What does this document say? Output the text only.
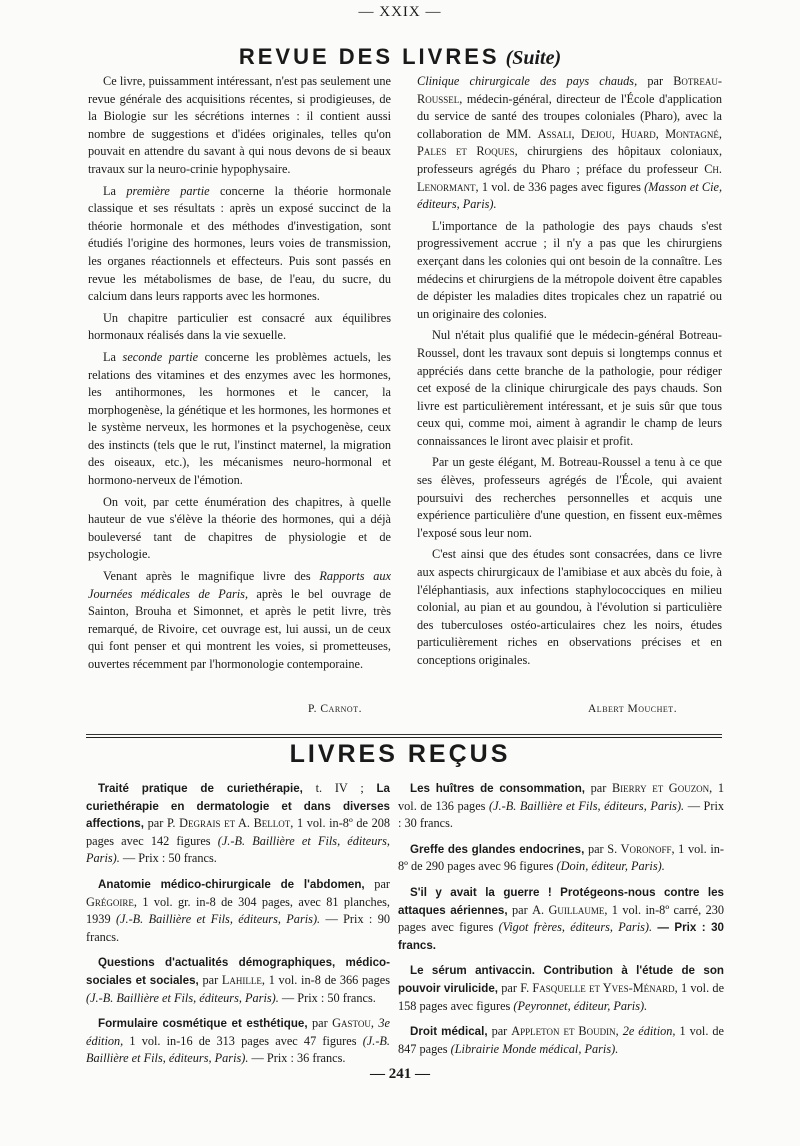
— XXIX —
REVUE DES LIVRES (Suite)

Ce livre, puissamment intéressant, n'est pas seulement une revue générale des acquisitions récentes, si prodigieuses, de la Biologie sur les sécrétions internes : il contient aussi nombre de suggestions et d'idées originales, telles qu'on pouvait en attendre du savant à qui nous devons de si beaux travaux sur la neuro-crinie hypophysaire.

La première partie concerne la théorie hormonale classique et ses résultats : après un exposé succinct de la théorie hormonale et des méthodes d'investigation, sont étudiés l'origine des hormones, leurs voies de transmission, les organes réactionnels et effecteurs. Puis sont passés en revue les métabolismes de base, de l'eau, du sucre, du calcium dans leurs rapports avec les hormones.

Un chapitre particulier est consacré aux équilibres hormonaux réalisés dans la vie sexuelle.

La seconde partie concerne les problèmes actuels, les relations des vitamines et des enzymes avec les hormones, les antihormones, les hormones et le cancer, la morphogenèse, la génétique et les hormones, les hormones et le système nerveux, les hormones et la psychogenèse, ceux des instincts (tels que le rut, l'instinct maternel, la migration des oiseaux, etc.), les mécanismes neuro-hormonal et hormono-nerveux de l'émotion.

On voit, par cette énumération des chapitres, à quelle hauteur de vue s'élève la théorie des hormones, qui a déjà bouleversé tant de chapitres de physiologie et de psychologie.

Venant après le magnifique livre des Rapports aux Journées médicales de Paris, après le bel ouvrage de Sainton, Brouha et Simonnet, et après le petit livre, très remarqué, de Rivoire, cet ouvrage est, lui aussi, un de ceux qui font penser et qui montrent les voies, si prometteuses, ouvertes récemment par l'hormonologie contemporaine.

Clinique chirurgicale des pays chauds, par Botreau-Roussel, médecin-général, directeur de l'École d'application du service de santé des troupes coloniales (Pharo), avec la collaboration de MM. Assali, Dejou, Huard, Montagné, Pales et Roques, chirurgiens des hôpitaux coloniaux, professeurs agrégés du Pharo ; préface du professeur Ch. Lenormant, 1 vol. de 336 pages avec figures (Masson et Cie, éditeurs, Paris).

L'importance de la pathologie des pays chauds s'est progressivement accrue ; il n'y a pas que les chirurgiens exerçant dans les colonies qui ont besoin de la connaître. Les médecins et chirurgiens de la métropole doivent être capables de dépister les maladies dites tropicales chez un rapatrié ou un originaire des colonies.

Nul n'était plus qualifié que le médecin-général Botreau-Roussel, dont les travaux sont depuis si longtemps connus et appréciés dans cette branche de la pathologie, pour rédiger cet exposé de la clinique chirurgicale des pays chauds. Son livre est particulièrement intéressant, et je suis sûr que tous ceux qui, comme moi, aiment à agrandir le champ de leurs connaissances le liront avec plaisir et profit.

Par un geste élégant, M. Botreau-Roussel a tenu à ce que ses élèves, professeurs agrégés de l'École, qui avaient poursuivi des recherches personnelles et acquis une expérience particulière d'une question, en fissent eux-mêmes l'exposé sous leur nom.

C'est ainsi que des études sont consacrées, dans ce livre aux aspects chirurgicaux de l'amibiase et aux abcès du foie, à l'éléphantiasis, aux infections staphylococciques en milieu colonial, au pian et au goundou, à l'évolution si particulière des tuberculoses ostéo-articulaires chez les noirs, études particulièrement riches en observations précises et en conceptions originales.

P. Carnot.	Albert Mouchet.
LIVRES REÇUS

Traité pratique de curiethérapie, t. IV ; La curiethérapie en dermatologie et dans diverses affections, par P. Degrais et A. Bellot, 1 vol. in-8º de 208 pages avec 142 figures (J.-B. Baillière et Fils, éditeurs, Paris). — Prix : 50 francs.

Anatomie médico-chirurgicale de l'abdomen, par Grégoire, 1 vol. gr. in-8 de 304 pages, avec 81 planches, 1939 (J.-B. Baillière et Fils, éditeurs, Paris). — Prix : 90 francs.

Questions d'actualités démographiques, médico-sociales et sociales, par Lahille, 1 vol. in-8 de 366 pages (J.-B. Baillière et Fils, éditeurs, Paris). — Prix : 50 francs.

Formulaire cosmétique et esthétique, par Gastou, 3e édition, 1 vol. in-16 de 313 pages avec 47 figures (J.-B. Baillière et Fils, éditeurs, Paris). — Prix : 36 francs.

Les huîtres de consommation, par Bierry et Gouzon, 1 vol. de 136 pages (J.-B. Baillière et Fils, éditeurs, Paris). — Prix : 30 francs.

Greffe des glandes endocrines, par S. Voronoff, 1 vol. in-8º de 290 pages avec 96 figures (Doin, éditeur, Paris).

S'il y avait la guerre ! Protégeons-nous contre les attaques aériennes, par A. Guillaume, 1 vol. in-8º carré, 230 pages avec figures (Vigot frères, éditeurs, Paris). — Prix : 30 francs.

Le sérum antivaccin. Contribution à l'étude de son pouvoir virulicide, par F. Fasquelle et Yves-Ménard, 1 vol. de 158 pages avec figures (Peyronnet, éditeur, Paris).

Droit médical, par Appleton et Boudin, 2e édition, 1 vol. de 847 pages (Librairie Monde médical, Paris).

— 241 —
